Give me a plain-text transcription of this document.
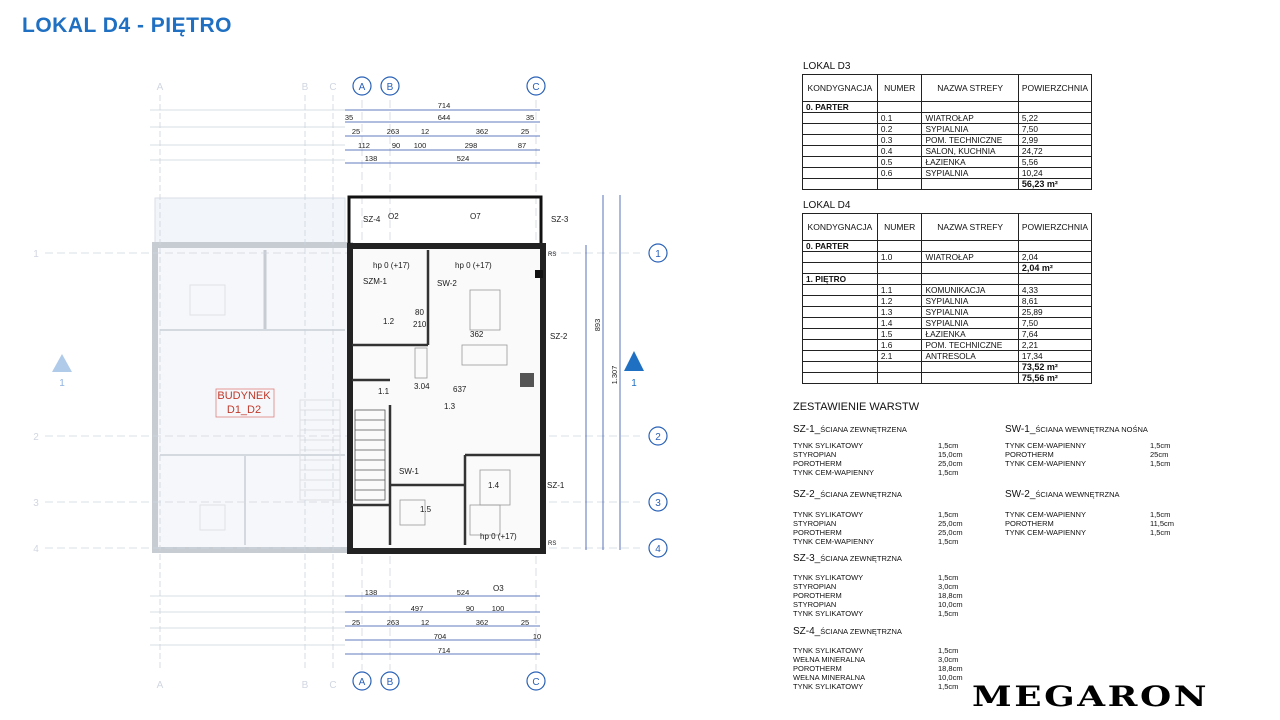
LOKAL D4 - PIĘTRO
BUDYNEK
D1_D2
714
35	644	35
25	263	12	362	25
112	90 100	298	87
138	524
138	524
497	90 100
25	263	12	362	25
704	10
714
893
1.307
SZ-4 O2	O7	SZ-3
SZ-2
SZM-1	SW-2
SW-1
SZ-1
hp 0 (+17)	hp 0 (+17)
hp 0 (+17)
1.1
1.2
1.3
1.4
1.5
80
210
362
637
3.04
RS
RS
O3
A	B C
A	B C
A B	C
A B	C
1
2
3
4
1
2
3
4
1
1
LOKAL D3
KONDYGNACJA	NUMER	NAZWA STREFY	POWIERZCHNIA
0. PARTER			
	0.1	WIATROŁAP	5,22
	0.2	SYPIALNIA	7,50
	0.3	POM. TECHNICZNE	2,99
	0.4	SALON, KUCHNIA	24,72
	0.5	ŁAZIENKA	5,56
	0.6	SYPIALNIA	10,24
			56,23 m²
LOKAL D4
KONDYGNACJA	NUMER	NAZWA STREFY	POWIERZCHNIA
0. PARTER			
	1.0	WIATROŁAP	2,04
			2,04 m²
1. PIĘTRO			
	1.1	KOMUNIKACJA	4,33
	1.2	SYPIALNIA	8,61
	1.3	SYPIALNIA	25,89
	1.4	SYPIALNIA	7,50
	1.5	ŁAZIENKA	7,64
	1.6	POM. TECHNICZNE	2,21
	2.1	ANTRESOLA	17,34
			73,52 m²
			75,56 m²
ZESTAWIENIE WARSTW
SZ-1_ŚCIANA ZEWNĘTRZENA
TYNK SYLIKATOWY	1,5cm
STYROPIAN	15,0cm
POROTHERM	25,0cm
TYNK CEM-WAPIENNY	1,5cm
SZ-2_ŚCIANA ZEWNĘTRZNA
TYNK SYLIKATOWY	1,5cm
STYROPIAN	25,0cm
POROTHERM	25,0cm
TYNK CEM-WAPIENNY	1,5cm
SZ-3_ŚCIANA ZEWNĘTRZNA
TYNK SYLIKATOWY	1,5cm
STYROPIAN	3,0cm
POROTHERM	18,8cm
STYROPIAN	10,0cm
TYNK SYLIKATOWY	1,5cm
SZ-4_ŚCIANA ZEWNĘTRZNA
TYNK SYLIKATOWY	1,5cm
WEŁNA MINERALNA	3,0cm
POROTHERM	18,8cm
WEŁNA MINERALNA	10,0cm
TYNK SYLIKATOWY	1,5cm
SW-1_ŚCIANA WEWNĘTRZNA NOŚNA
TYNK CEM-WAPIENNY	1,5cm
POROTHERM	25cm
TYNK CEM-WAPIENNY	1,5cm
SW-2_ŚCIANA WEWNĘTRZNA
TYNK CEM-WAPIENNY	1,5cm
POROTHERM	11,5cm
TYNK CEM-WAPIENNY	1,5cm
MEGARON
